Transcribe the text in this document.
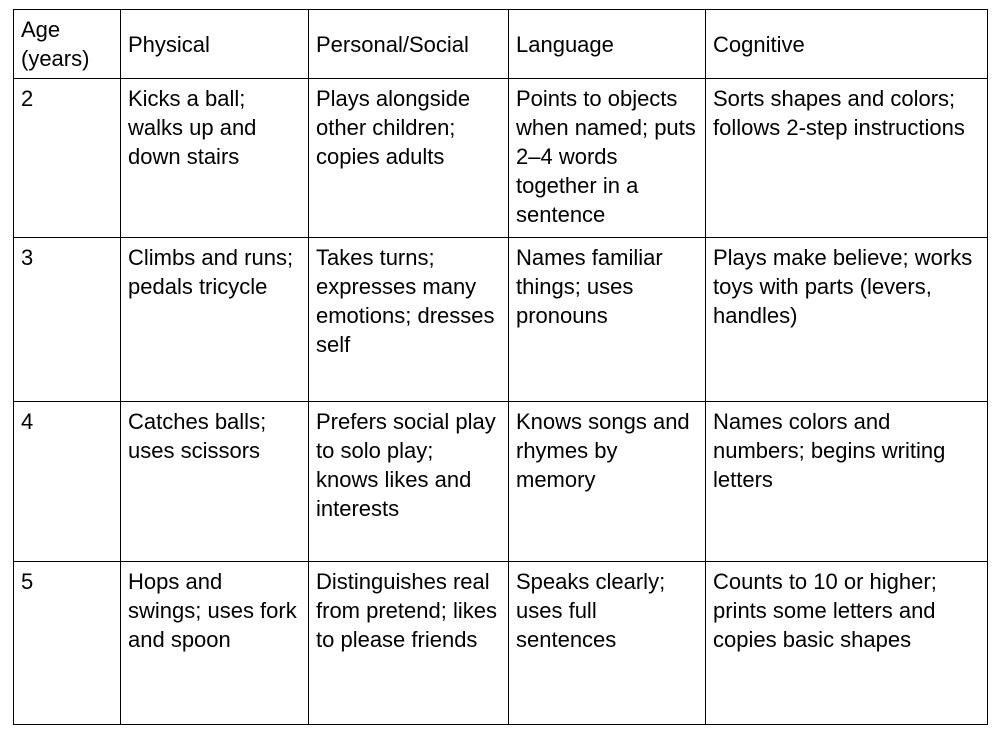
Age
(years)	Physical	Personal/Social	Language	Cognitive
2	Kicks a ball; walks up and down stairs	Plays alongside other children; copies adults	Points to objects when named; puts 2–4 words together in a sentence	Sorts shapes and colors; follows 2-step instructions
3	Climbs and runs; pedals tricycle	Takes turns; expresses many emotions; dresses self	Names familiar things; uses pronouns	Plays make believe; works toys with parts (levers, handles)
4	Catches balls; uses scissors	Prefers social play to solo play; knows likes and interests	Knows songs and rhymes by memory	Names colors and numbers; begins writing letters
5	Hops and swings; uses fork and spoon	Distinguishes real from pretend; likes to please friends	Speaks clearly; uses full sentences	Counts to 10 or higher; prints some letters and copies basic shapes
